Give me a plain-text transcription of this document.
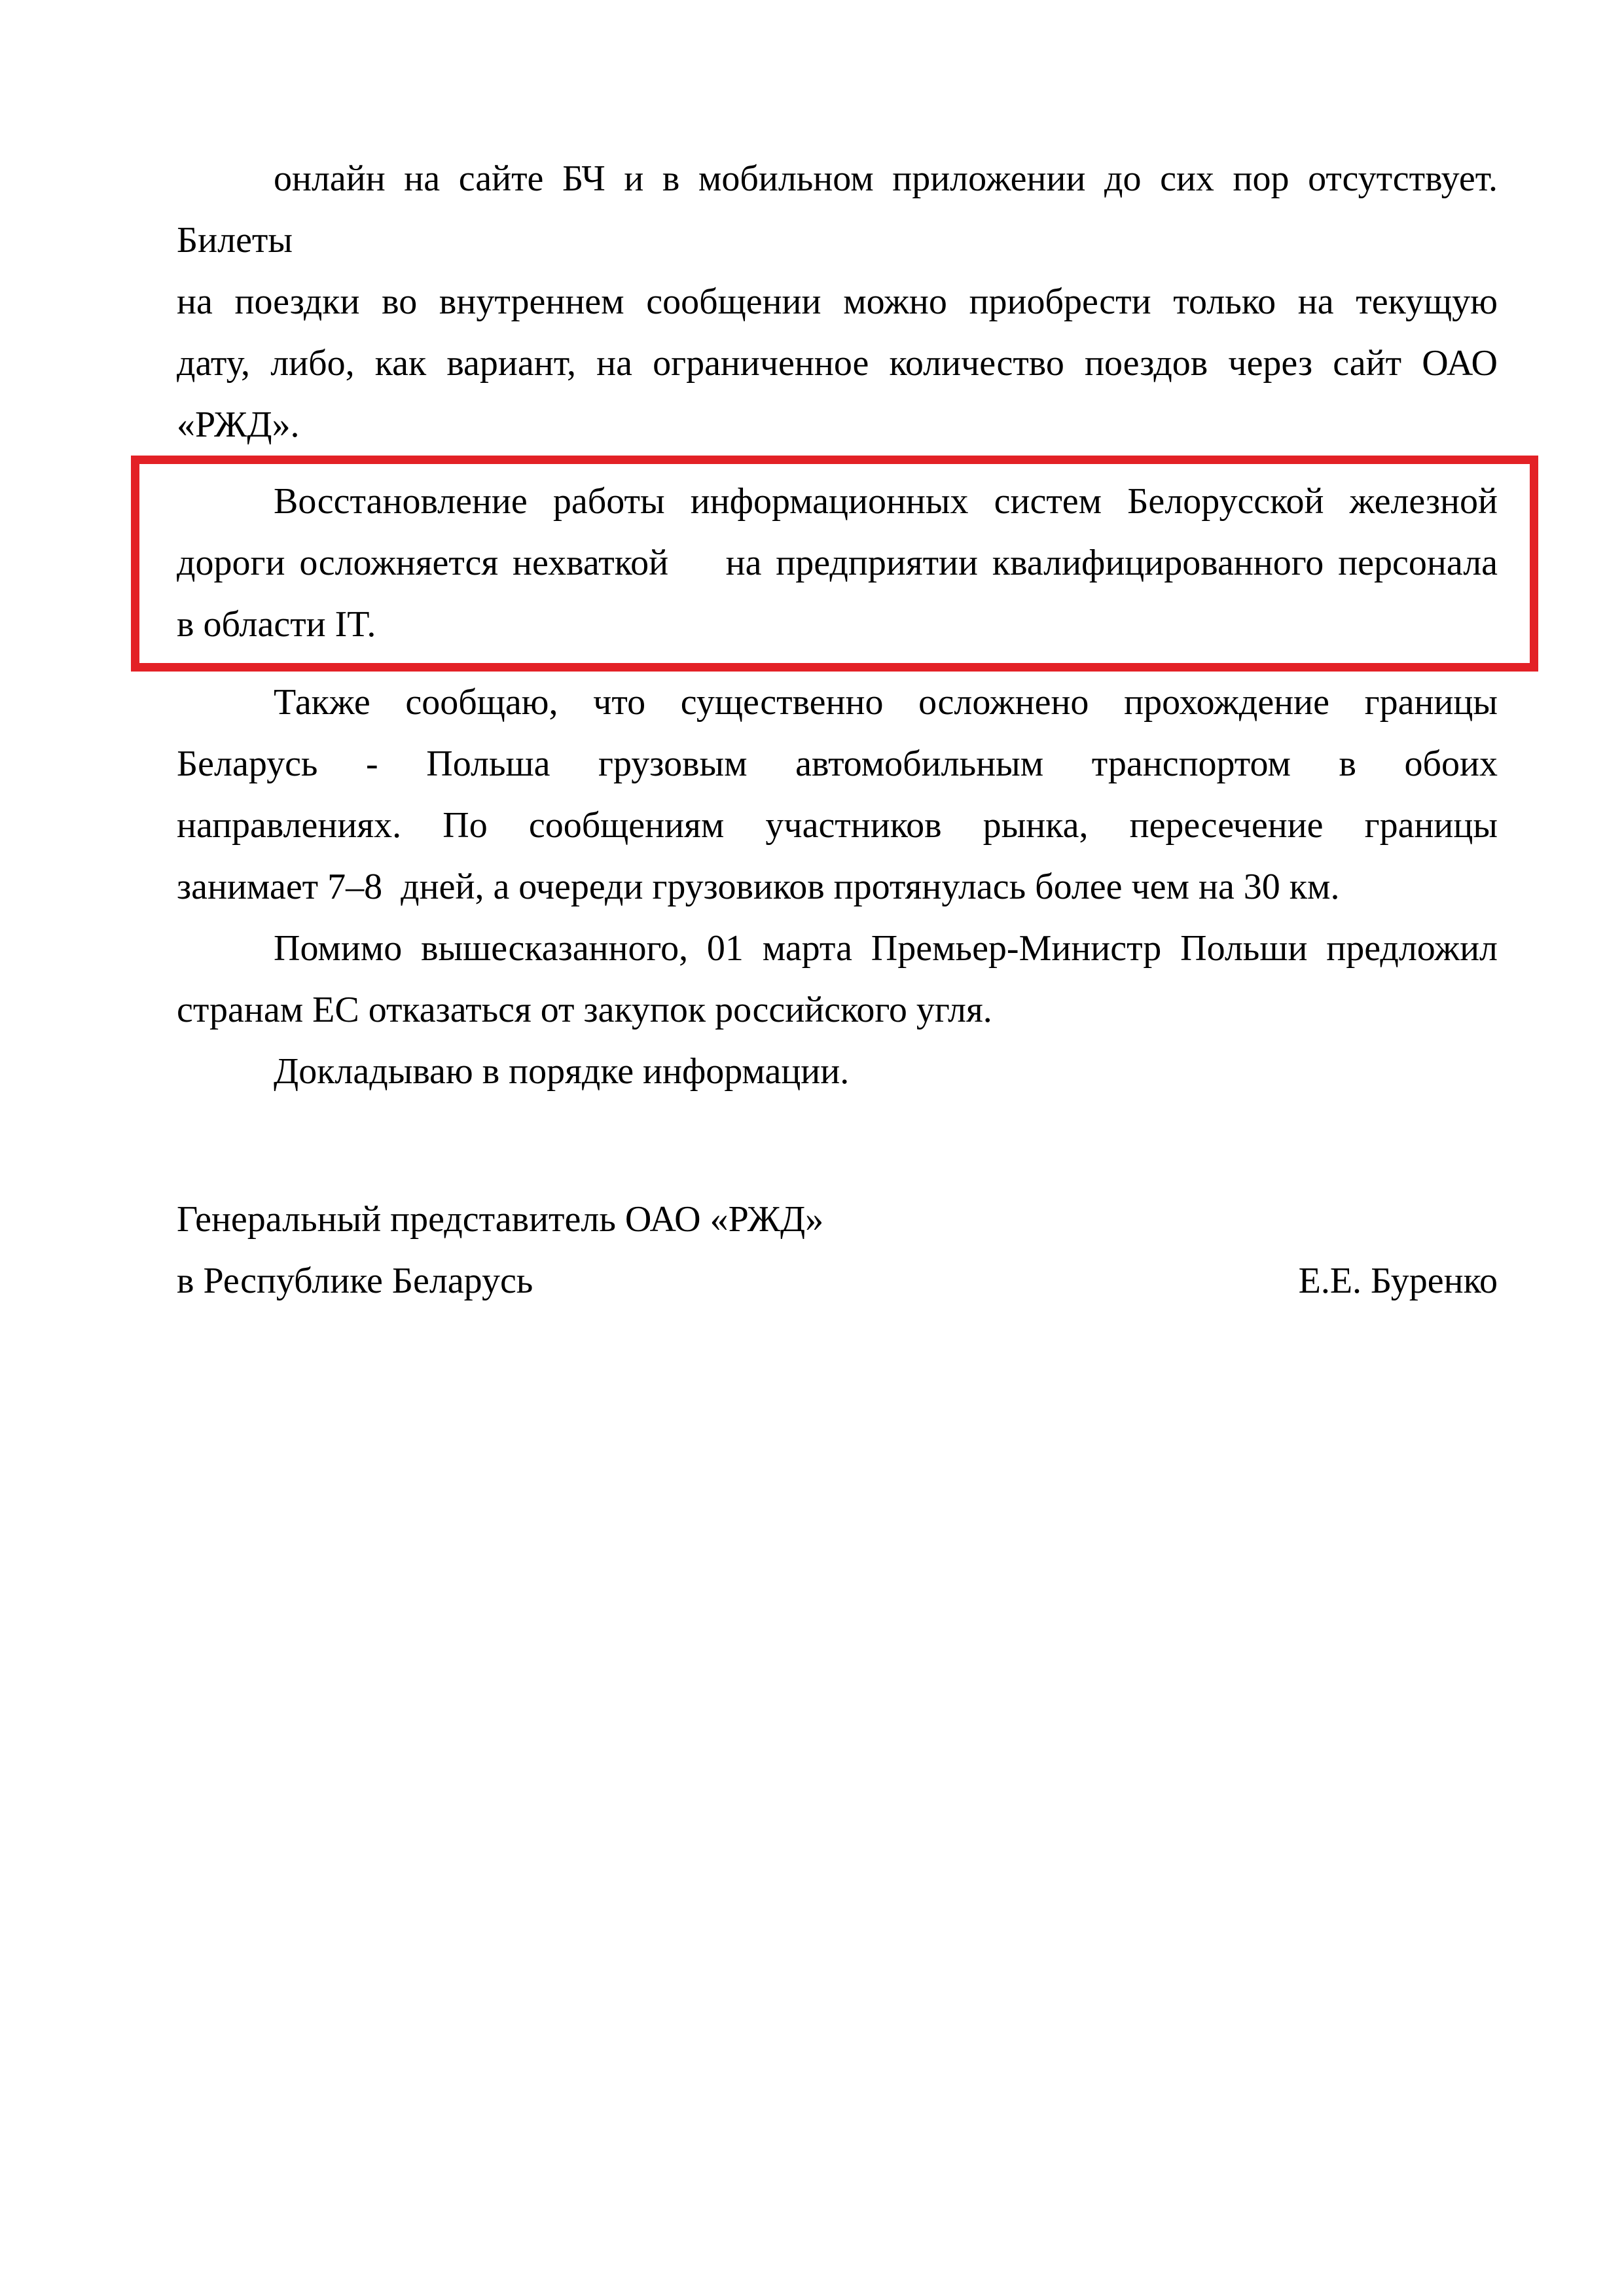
онлайн на сайте БЧ и в мобильном приложении до сих пор отсутствует. Билеты
на поездки во внутреннем сообщении можно приобрести только на текущую
дату, либо, как вариант, на ограниченное количество поездов через сайт ОАО
«РЖД».
Восстановление работы информационных систем Белорусской железной
дороги осложняется нехваткой    на предприятии квалифицированного персонала
в области IT.
Также сообщаю, что существенно осложнено прохождение границы
Беларусь - Польша грузовым автомобильным транспортом в обоих
направлениях. По сообщениям участников рынка, пересечение границы
занимает 7–8  дней, а очереди грузовиков протянулась более чем на 30 км.
Помимо вышесказанного, 01 марта Премьер-Министр Польши предложил
странам ЕС отказаться от закупок российского угля.
Докладываю в порядке информации.
Генеральный представитель ОАО «РЖД»
в Республике Беларусь	Е.Е. Буренко
